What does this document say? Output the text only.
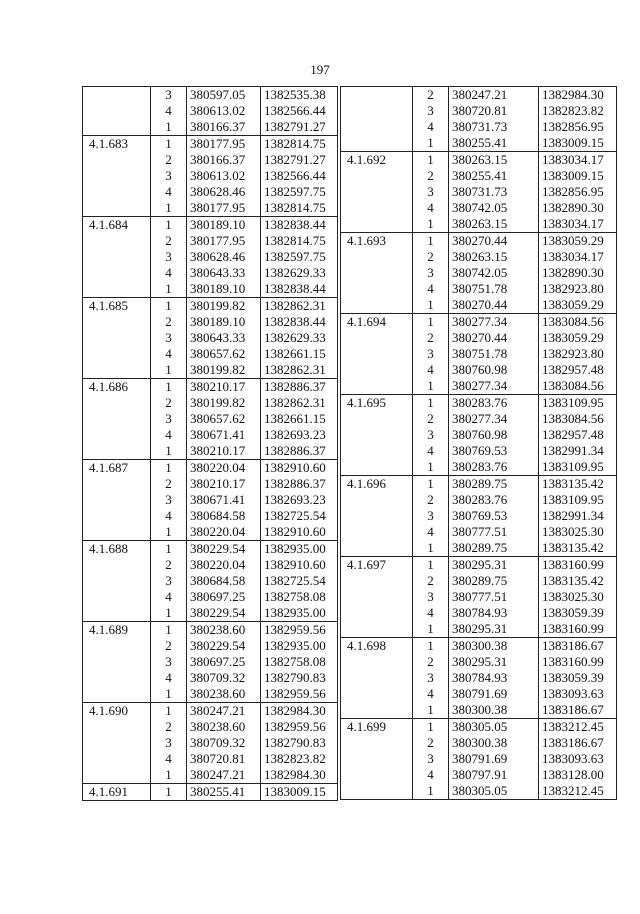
197
	3	380597.05	1382535.38
	4	380613.02	1382566.44
	1	380166.37	1382791.27
4.1.683	1	380177.95	1382814.75
	2	380166.37	1382791.27
	3	380613.02	1382566.44
	4	380628.46	1382597.75
	1	380177.95	1382814.75
4.1.684	1	380189.10	1382838.44
	2	380177.95	1382814.75
	3	380628.46	1382597.75
	4	380643.33	1382629.33
	1	380189.10	1382838.44
4.1.685	1	380199.82	1382862.31
	2	380189.10	1382838.44
	3	380643.33	1382629.33
	4	380657.62	1382661.15
	1	380199.82	1382862.31
4.1.686	1	380210.17	1382886.37
	2	380199.82	1382862.31
	3	380657.62	1382661.15
	4	380671.41	1382693.23
	1	380210.17	1382886.37
4.1.687	1	380220.04	1382910.60
	2	380210.17	1382886.37
	3	380671.41	1382693.23
	4	380684.58	1382725.54
	1	380220.04	1382910.60
4.1.688	1	380229.54	1382935.00
	2	380220.04	1382910.60
	3	380684.58	1382725.54
	4	380697.25	1382758.08
	1	380229.54	1382935.00
4.1.689	1	380238.60	1382959.56
	2	380229.54	1382935.00
	3	380697.25	1382758.08
	4	380709.32	1382790.83
	1	380238.60	1382959.56
4.1.690	1	380247.21	1382984.30
	2	380238.60	1382959.56
	3	380709.32	1382790.83
	4	380720.81	1382823.82
	1	380247.21	1382984.30
4.1.691	1	380255.41	1383009.15
	2	380247.21	1382984.30
	3	380720.81	1382823.82
	4	380731.73	1382856.95
	1	380255.41	1383009.15
4.1.692	1	380263.15	1383034.17
	2	380255.41	1383009.15
	3	380731.73	1382856.95
	4	380742.05	1382890.30
	1	380263.15	1383034.17
4.1.693	1	380270.44	1383059.29
	2	380263.15	1383034.17
	3	380742.05	1382890.30
	4	380751.78	1382923.80
	1	380270.44	1383059.29
4.1.694	1	380277.34	1383084.56
	2	380270.44	1383059.29
	3	380751.78	1382923.80
	4	380760.98	1382957.48
	1	380277.34	1383084.56
4.1.695	1	380283.76	1383109.95
	2	380277.34	1383084.56
	3	380760.98	1382957.48
	4	380769.53	1382991.34
	1	380283.76	1383109.95
4.1.696	1	380289.75	1383135.42
	2	380283.76	1383109.95
	3	380769.53	1382991.34
	4	380777.51	1383025.30
	1	380289.75	1383135.42
4.1.697	1	380295.31	1383160.99
	2	380289.75	1383135.42
	3	380777.51	1383025.30
	4	380784.93	1383059.39
	1	380295.31	1383160.99
4.1.698	1	380300.38	1383186.67
	2	380295.31	1383160.99
	3	380784.93	1383059.39
	4	380791.69	1383093.63
	1	380300.38	1383186.67
4.1.699	1	380305.05	1383212.45
	2	380300.38	1383186.67
	3	380791.69	1383093.63
	4	380797.91	1383128.00
	1	380305.05	1383212.45
